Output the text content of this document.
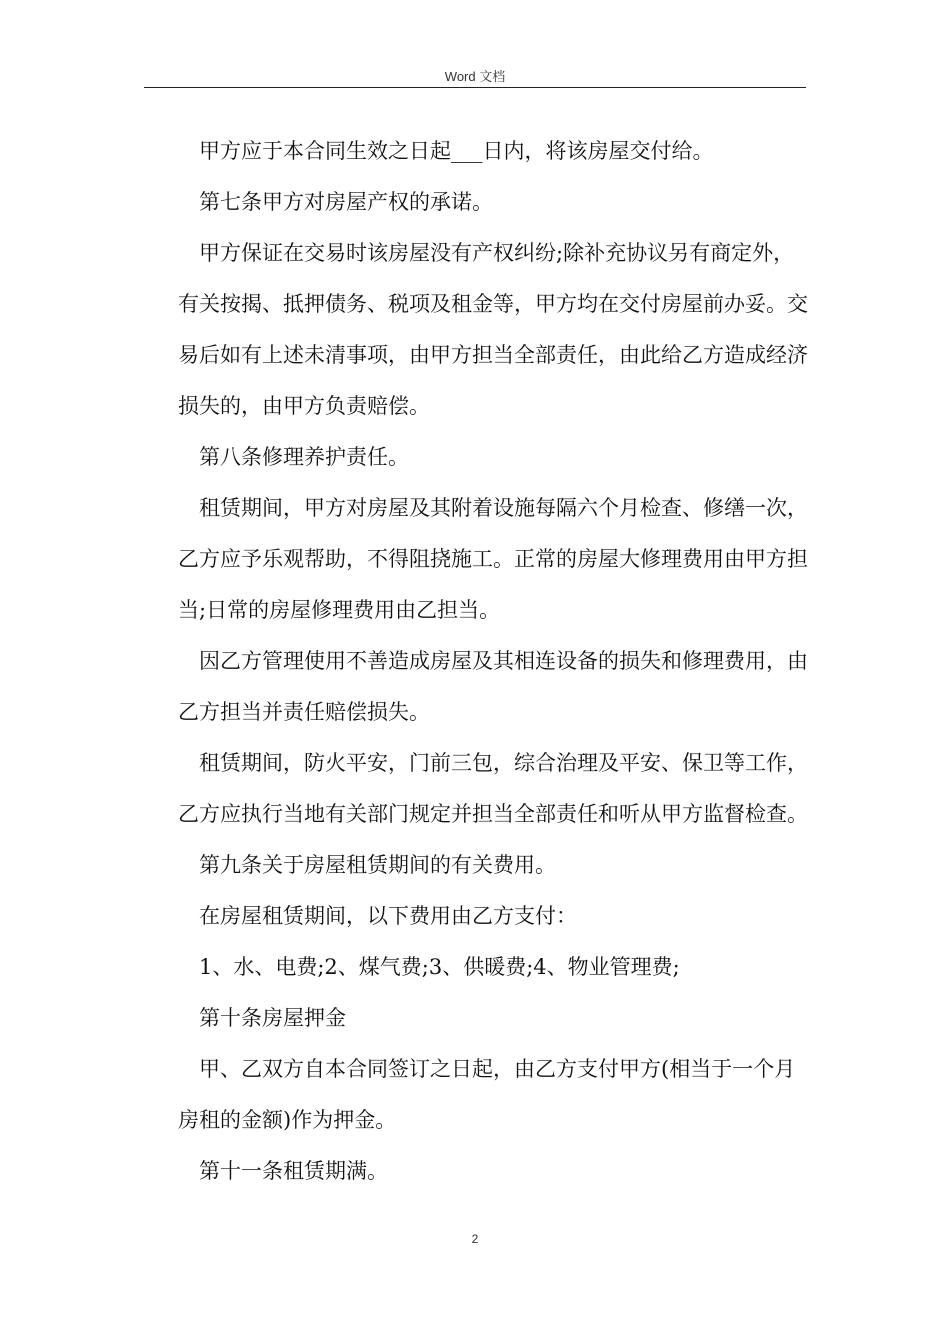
Word 文档

甲方应于本合同生效之日起___日内，将该房屋交付给。

第七条甲方对房屋产权的承诺。

甲方保证在交易时该房屋没有产权纠纷;除补充协议另有商定外，有关按揭、抵押债务、税项及租金等，甲方均在交付房屋前办妥。交易后如有上述未清事项，由甲方担当全部责任，由此给乙方造成经济损失的，由甲方负责赔偿。

第八条修理养护责任。

租赁期间，甲方对房屋及其附着设施每隔六个月检查、修缮一次，乙方应予乐观帮助，不得阻挠施工。正常的房屋大修理费用由甲方担当;日常的房屋修理费用由乙担当。

因乙方管理使用不善造成房屋及其相连设备的损失和修理费用，由乙方担当并责任赔偿损失。

租赁期间，防火平安，门前三包，综合治理及平安、保卫等工作，乙方应执行当地有关部门规定并担当全部责任和听从甲方监督检查。

第九条关于房屋租赁期间的有关费用。

在房屋租赁期间，以下费用由乙方支付：

1、水、电费;2、煤气费;3、供暖费;4、物业管理费;

第十条房屋押金

甲、乙双方自本合同签订之日起，由乙方支付甲方(相当于一个月房租的金额)作为押金。

第十一条租赁期满。

2
